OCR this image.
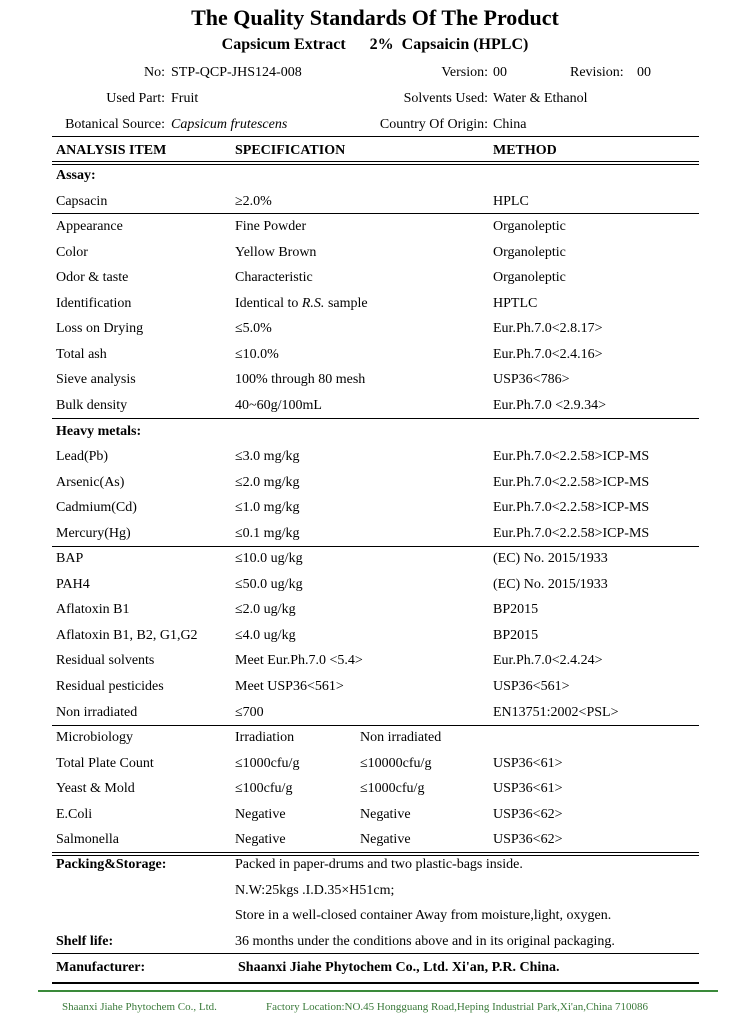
The Quality Standards Of The Product
Capsicum Extract      2%  Capsaicin (HPLC)
No: STP-QCP-JHS124-008	Version: 00	Revision: 00
Used Part: Fruit	Solvents Used: Water & Ethanol
Botanical Source: Capsicum frutescens	Country Of Origin: China
ANALYSIS ITEM	SPECIFICATION	METHOD
Assay:
Capsacin	≥2.0%	HPLC
Appearance	Fine Powder	Organoleptic
Color	Yellow Brown	Organoleptic
Odor & taste	Characteristic	Organoleptic
Identification	Identical to R.S. sample	HPTLC
Loss on Drying	≤5.0%	Eur.Ph.7.0<2.8.17>
Total ash	≤10.0%	Eur.Ph.7.0<2.4.16>
Sieve analysis	100% through 80 mesh	USP36<786>
Bulk density	40~60g/100mL	Eur.Ph.7.0 <2.9.34>
Heavy metals:
Lead(Pb)	≤3.0 mg/kg	Eur.Ph.7.0<2.2.58>ICP-MS
Arsenic(As)	≤2.0 mg/kg	Eur.Ph.7.0<2.2.58>ICP-MS
Cadmium(Cd)	≤1.0 mg/kg	Eur.Ph.7.0<2.2.58>ICP-MS
Mercury(Hg)	≤0.1 mg/kg	Eur.Ph.7.0<2.2.58>ICP-MS
BAP	≤10.0 ug/kg	(EC) No. 2015/1933
PAH4	≤50.0 ug/kg	(EC) No. 2015/1933
Aflatoxin B1	≤2.0 ug/kg	BP2015
Aflatoxin B1, B2, G1,G2	≤4.0 ug/kg	BP2015
Residual solvents	Meet Eur.Ph.7.0 <5.4>	Eur.Ph.7.0<2.4.24>
Residual pesticides	Meet USP36<561>	USP36<561>
Non irradiated	≤700	EN13751:2002<PSL>
Microbiology	Irradiation	Non irradiated
Total Plate Count	≤1000cfu/g	≤10000cfu/g	USP36<61>
Yeast & Mold	≤100cfu/g	≤1000cfu/g	USP36<61>
E.Coli	Negative	Negative	USP36<62>
Salmonella	Negative	Negative	USP36<62>
Packing&Storage:	Packed in paper-drums and two plastic-bags inside.
N.W:25kgs .I.D.35×H51cm;
Store in a well-closed container Away from moisture,light, oxygen.
Shelf life:	36 months under the conditions above and in its original packaging.
Manufacturer:	Shaanxi Jiahe Phytochem Co., Ltd. Xi'an, P.R. China.
Shaanxi Jiahe Phytochem Co., Ltd.	Factory Location:NO.45 Hongguang Road,Heping Industrial Park,Xi'an,China 710086
